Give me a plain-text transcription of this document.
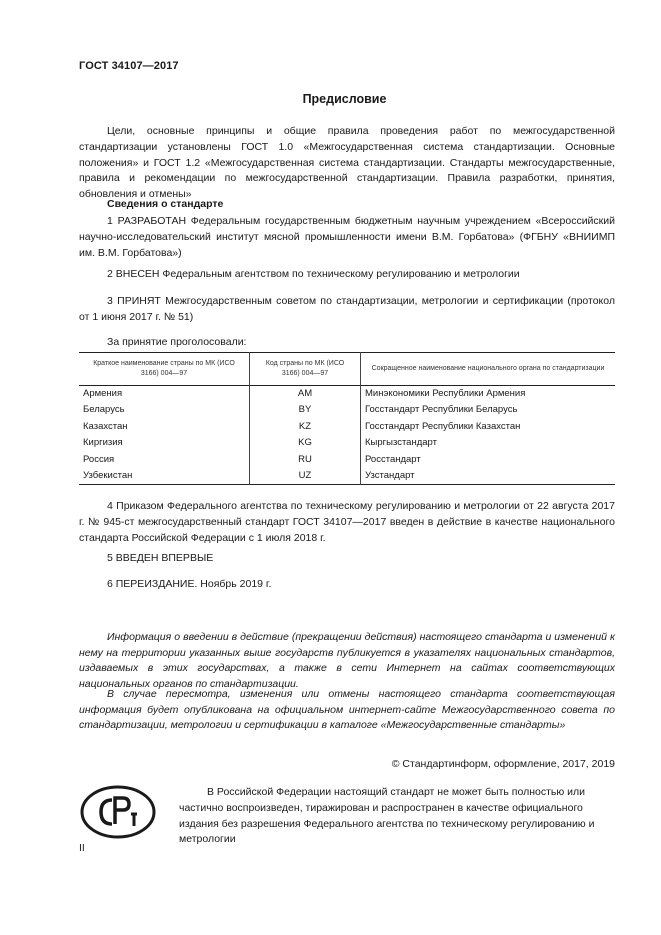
ГОСТ 34107—2017
Предисловие

Цели, основные принципы и общие правила проведения работ по межгосударственной стандартизации установлены ГОСТ 1.0 «Межгосударственная система стандартизации. Основные положения» и ГОСТ 1.2 «Межгосударственная система стандартизации. Стандарты межгосударственные, правила и рекомендации по межгосударственной стандартизации. Правила разработки, принятия, обновления и отмены»

Сведения о стандарте

1 РАЗРАБОТАН Федеральным государственным бюджетным научным учреждением «Всероссийский научно-исследовательский институт мясной промышленности имени В.М. Горбатова» (ФГБНУ «ВНИИМП им. В.М. Горбатова»)

2 ВНЕСЕН Федеральным агентством по техническому регулированию и метрологии

3 ПРИНЯТ Межгосударственным советом по стандартизации, метрологии и сертификации (протокол от 1 июня 2017 г. № 51)

За принятие проголосовали:

Краткое наименование страны по МК (ИСО 3166) 004—97	Код страны по МК (ИСО 3166) 004—97	Сокращенное наименование национального органа по стандартизации
Армения	AM	Минэкономики Республики Армения
Беларусь	BY	Госстандарт Республики Беларусь
Казахстан	KZ	Госстандарт Республики Казахстан
Киргизия	KG	Кыргызстандарт
Россия	RU	Росстандарт
Узбекистан	UZ	Узстандарт

4 Приказом Федерального агентства по техническому регулированию и метрологии от 22 августа 2017 г. № 945-ст межгосударственный стандарт ГОСТ 34107—2017 введен в действие в качестве национального стандарта Российской Федерации с 1 июля 2018 г.

5 ВВЕДЕН ВПЕРВЫЕ

6 ПЕРЕИЗДАНИЕ. Ноябрь 2019 г.

Информация о введении в действие (прекращении действия) настоящего стандарта и изменений к нему на территории указанных выше государств публикуется в указателях национальных стандартов, издаваемых в этих государствах, а также в сети Интернет на сайтах соответствующих национальных органов по стандартизации.

В случае пересмотра, изменения или отмены настоящего стандарта соответствующая информация будет опубликована на официальном интернет-сайте Межгосударственного совета по стандартизации, метрологии и сертификации в каталоге «Межгосударственные стандарты»

© Стандартинформ, оформление, 2017, 2019

В Российской Федерации настоящий стандарт не может быть полностью или частично воспроизведен, тиражирован и распространен в качестве официального издания без разрешения Федерального агентства по техническому регулированию и метрологии

II
